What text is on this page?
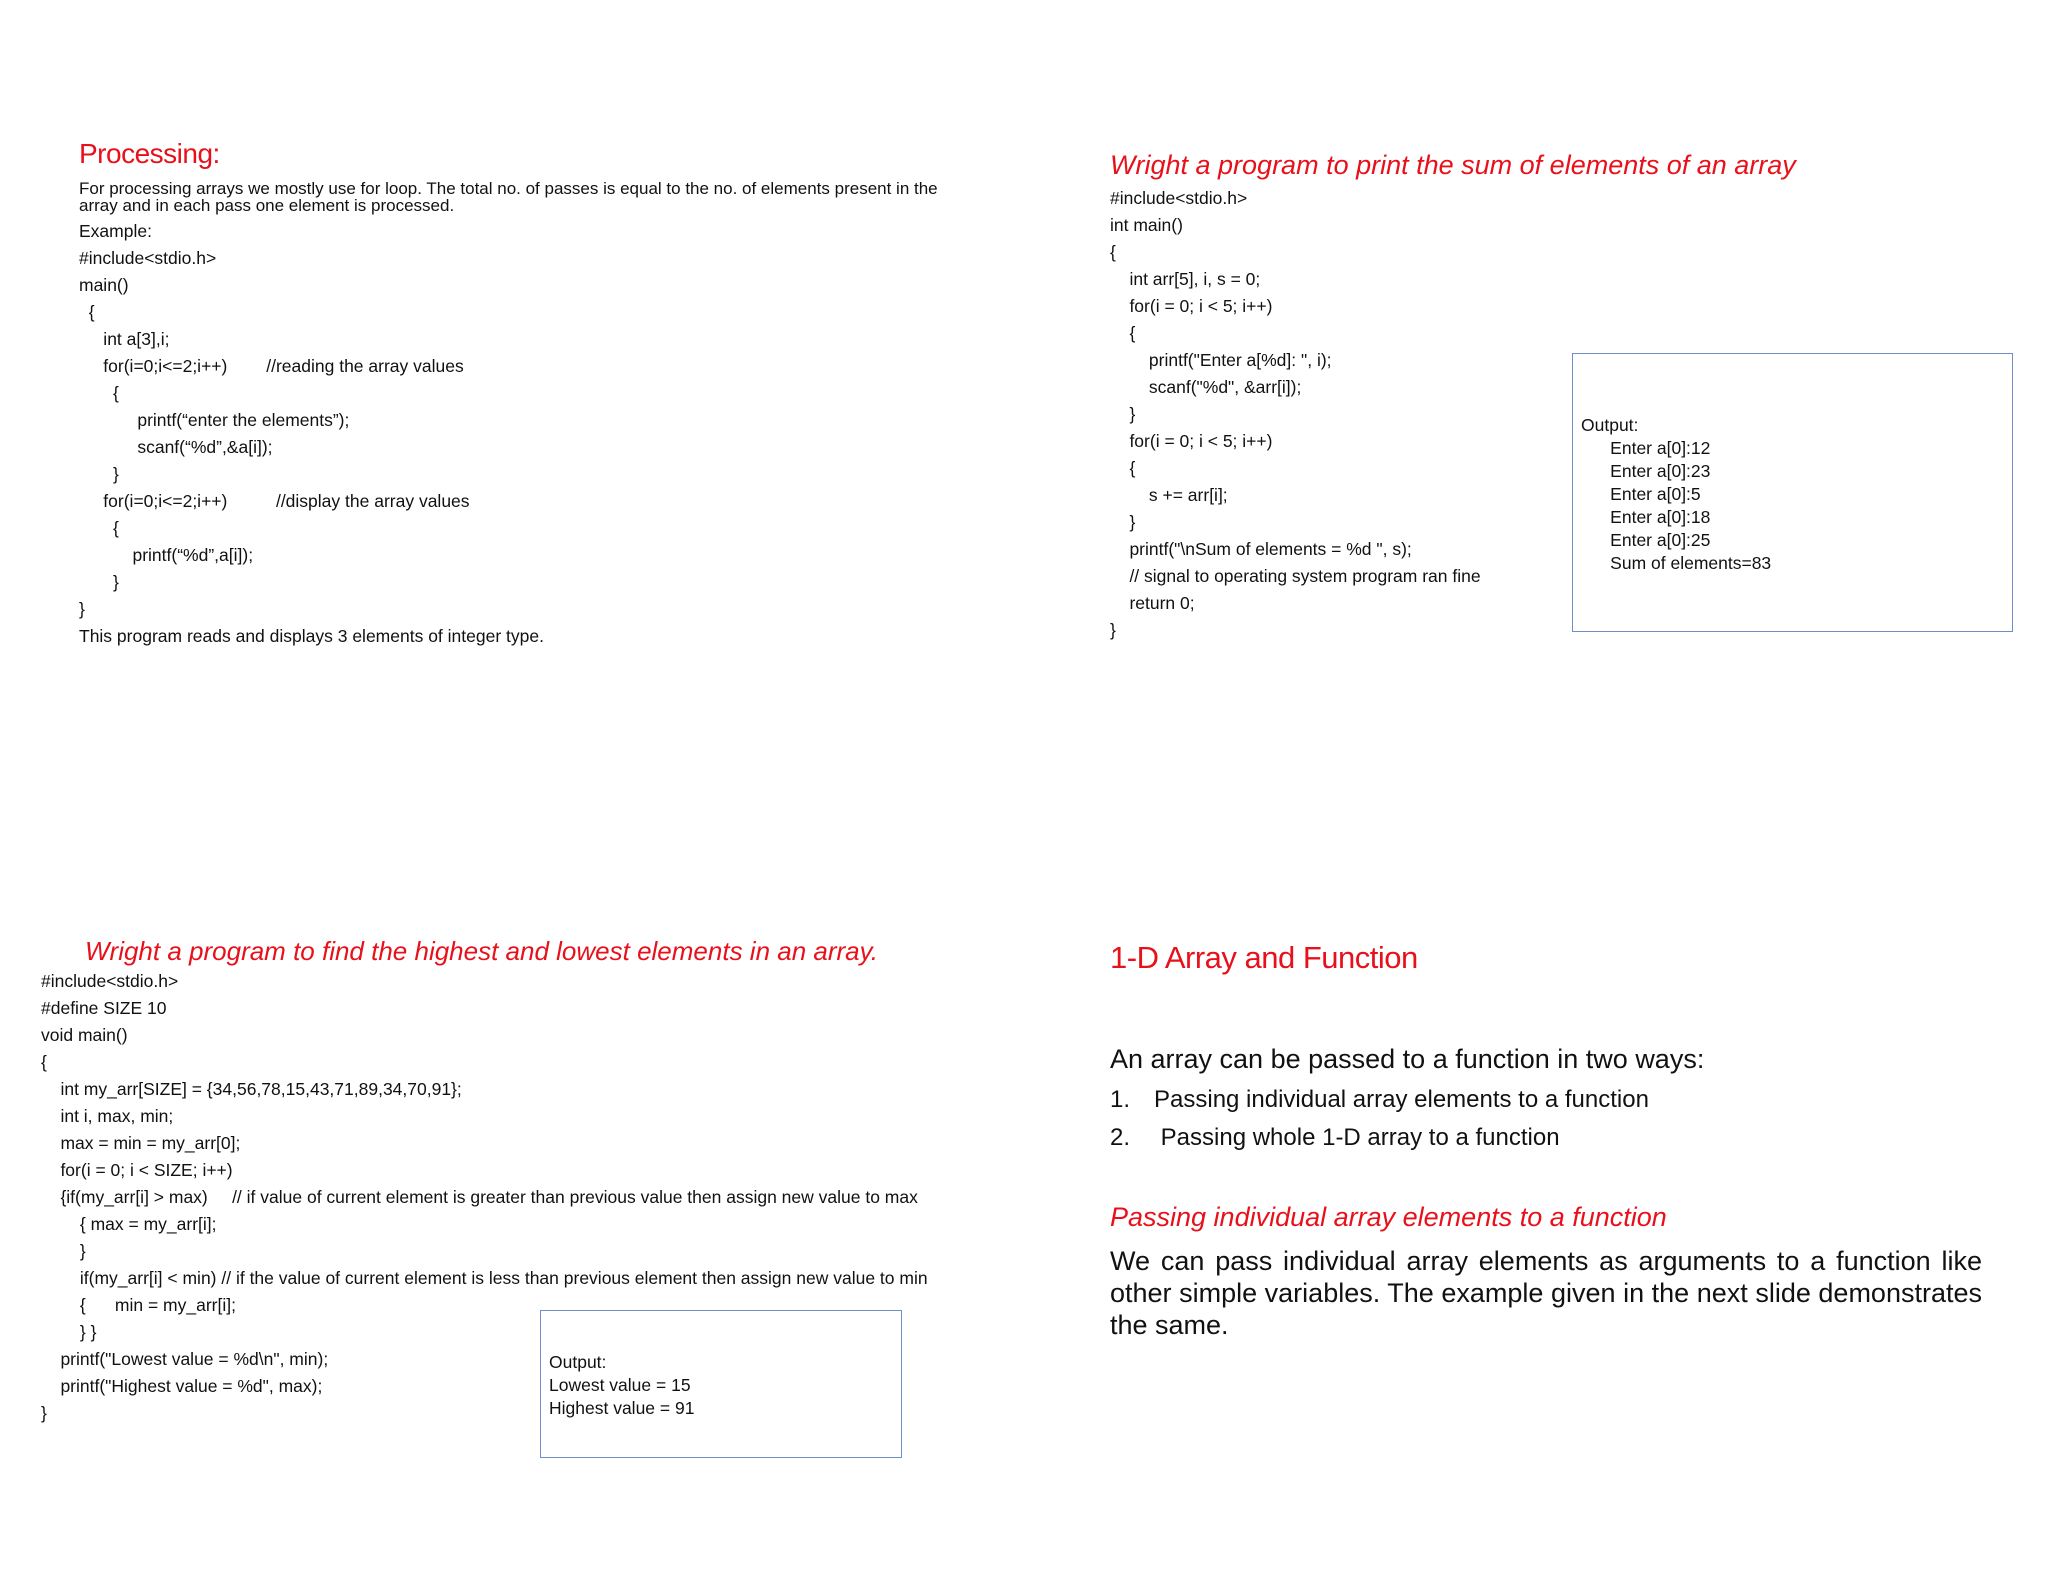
Processing:
For processing arrays we mostly use for loop. The total no. of passes is equal to the no. of elements present in the array and in each pass one element is processed.
Example:
#include<stdio.h>
main()
{
int a[3],i;
for(i=0;i<=2;i++)        //reading the array values
{
printf(“enter the elements”);
scanf(“%d”,&a[i]);
}
for(i=0;i<=2;i++)          //display the array values
{
printf(“%d”,a[i]);
}
}
This program reads and displays 3 elements of integer type.
Wright a program to print the sum of elements of an array
#include<stdio.h>
int main()
{
int arr[5], i, s = 0;
for(i = 0; i < 5; i++)
{
printf("Enter a[%d]: ", i);
scanf("%d", &arr[i]);
}
for(i = 0; i < 5; i++)
{
s += arr[i];
}
printf("\nSum of elements = %d ", s);
// signal to operating system program ran fine
return 0;
}
Output:
Enter a[0]:12
Enter a[0]:23
Enter a[0]:5
Enter a[0]:18
Enter a[0]:25
Sum of elements=83
Wright a program to find the highest and lowest elements in an array.
#include<stdio.h>
#define SIZE 10
void main()
{
int my_arr[SIZE] = {34,56,78,15,43,71,89,34,70,91};
int i, max, min;
max = min = my_arr[0];
for(i = 0; i < SIZE; i++)
{if(my_arr[i] > max)     // if value of current element is greater than previous value then assign new value to max
{ max = my_arr[i];
}
if(my_arr[i] < min) // if the value of current element is less than previous element then assign new value to min
{      min = my_arr[i];
} }
printf("Lowest value = %d\n", min);
printf("Highest value = %d", max);
}
Output:
Lowest value = 15
Highest value = 91
1-D Array and Function
An array can be passed to a function in two ways:
1. Passing individual array elements to a function
2. Passing whole 1-D array to a function
Passing individual array elements to a function
We can pass individual array elements as arguments to a function like other simple variables. The example given in the next slide demonstrates the same.
